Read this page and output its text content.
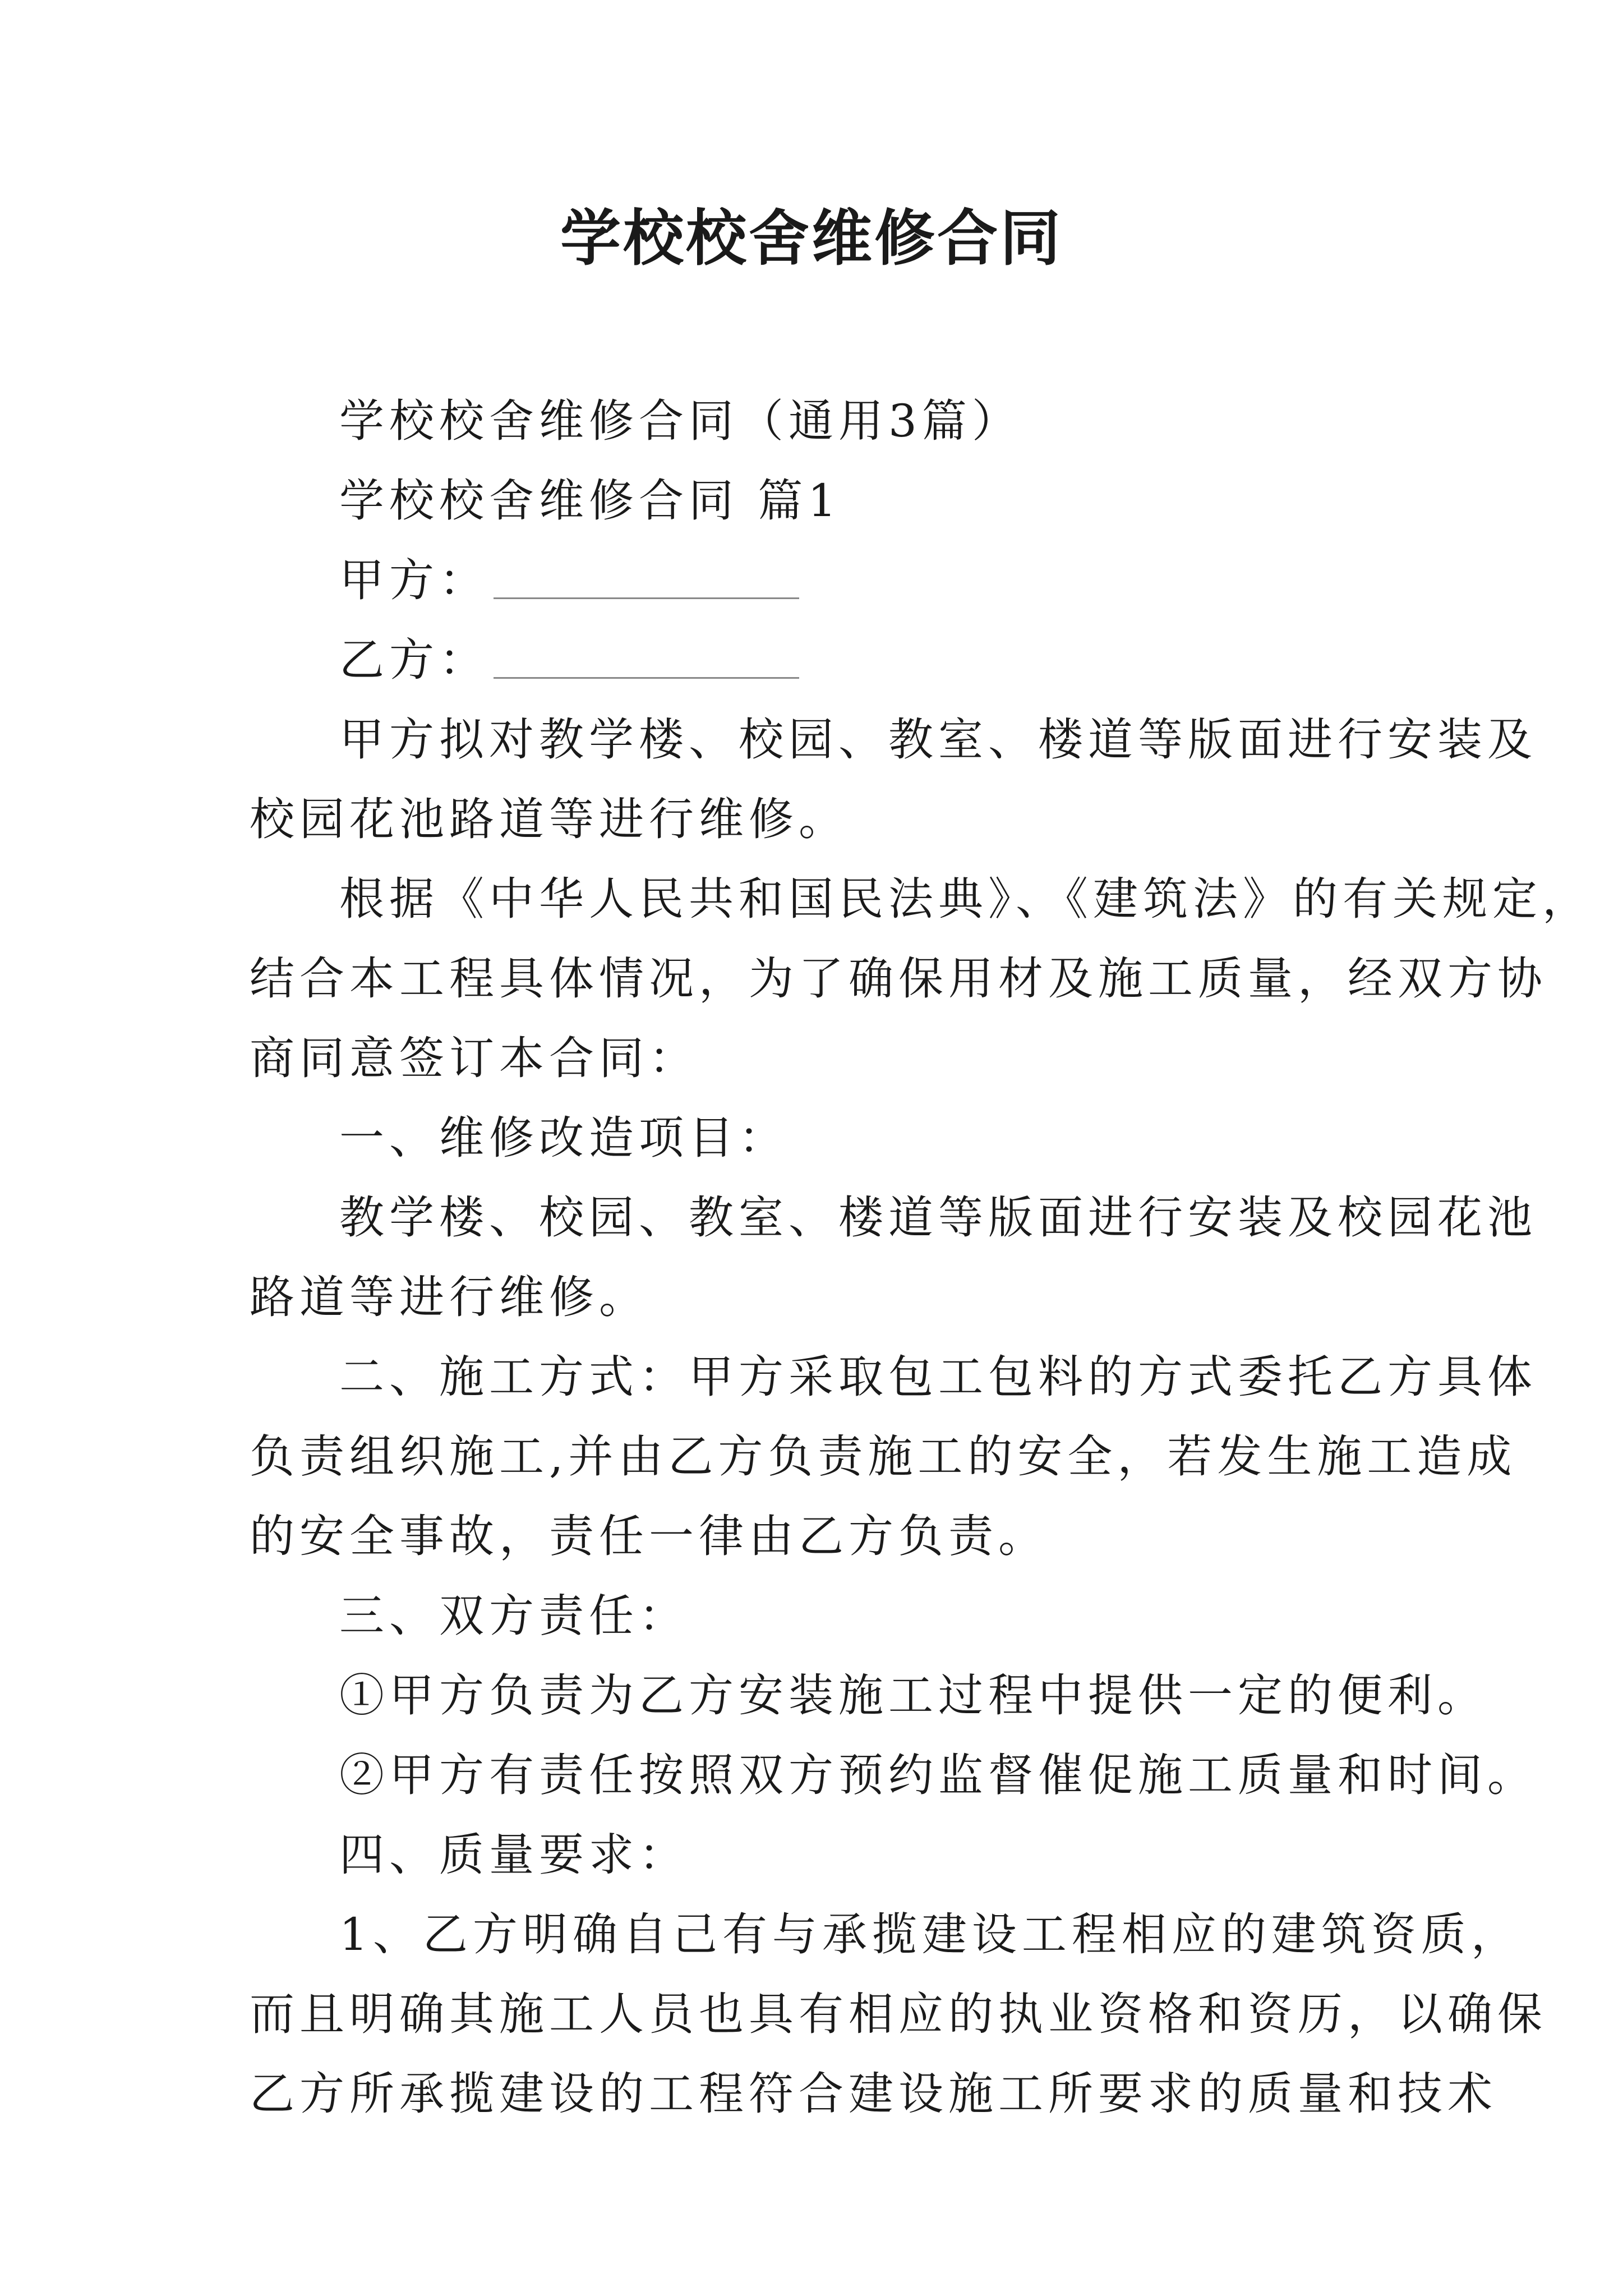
学校校舍维修合同
学校校舍维修合同（通用3篇）
学校校舍维修合同 篇1
甲方：
乙方：
甲方拟对教学楼、校园、教室、楼道等版面进行安装及
校园花池路道等进行维修。
根据《中华人民共和国民法典》、《建筑法》的有关规定，
结合本工程具体情况，为了确保用材及施工质量，经双方协
商同意签订本合同：
一、维修改造项目：
教学楼、校园、教室、楼道等版面进行安装及校园花池
路道等进行维修。
二、施工方式：甲方采取包工包料的方式委托乙方具体
负责组织施工,并由乙方负责施工的安全，若发生施工造成
的安全事故，责任一律由乙方负责。
三、双方责任：
①甲方负责为乙方安装施工过程中提供一定的便利。
②甲方有责任按照双方预约监督催促施工质量和时间。
四、质量要求：
1、乙方明确自己有与承揽建设工程相应的建筑资质，
而且明确其施工人员也具有相应的执业资格和资历，以确保
乙方所承揽建设的工程符合建设施工所要求的质量和技术
